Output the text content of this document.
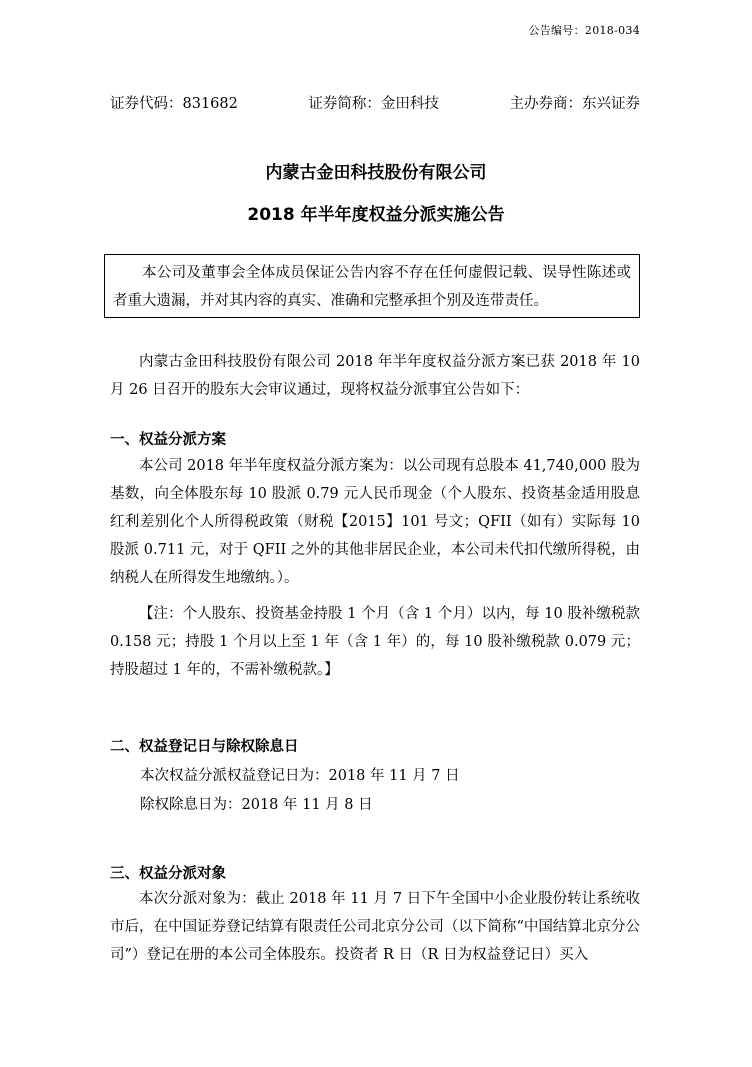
公告编号：2018-034
证券代码：831682	证券简称：金田科技	主办券商：东兴证券
内蒙古金田科技股份有限公司
2018 年半年度权益分派实施公告
本公司及董事会全体成员保证公告内容不存在任何虚假记载、误导性陈述或者重大遗漏，并对其内容的真实、准确和完整承担个别及连带责任。
内蒙古金田科技股份有限公司 2018 年半年度权益分派方案已获 2018 年 10 月 26 日召开的股东大会审议通过，现将权益分派事宜公告如下：
一、权益分派方案
本公司 2018 年半年度权益分派方案为：以公司现有总股本 41,740,000 股为基数，向全体股东每 10 股派 0.79 元人民币现金（个人股东、投资基金适用股息红利差别化个人所得税政策（财税【2015】101 号文；QFII（如有）实际每 10 股派 0.711 元，对于 QFII 之外的其他非居民企业，本公司未代扣代缴所得税，由纳税人在所得发生地缴纳。）。
【注：个人股东、投资基金持股 1 个月（含 1 个月）以内，每 10 股补缴税款 0.158 元；持股 1 个月以上至 1 年（含 1 年）的，每 10 股补缴税款 0.079 元；持股超过 1 年的，不需补缴税款。】
二、权益登记日与除权除息日
本次权益分派权益登记日为：2018 年 11 月 7 日
除权除息日为：2018 年 11 月 8 日
三、权益分派对象
本次分派对象为：截止 2018 年 11 月 7 日下午全国中小企业股份转让系统收市后，在中国证券登记结算有限责任公司北京分公司（以下简称“中国结算北京分公司”）登记在册的本公司全体股东。投资者 R 日（R 日为权益登记日）买入
